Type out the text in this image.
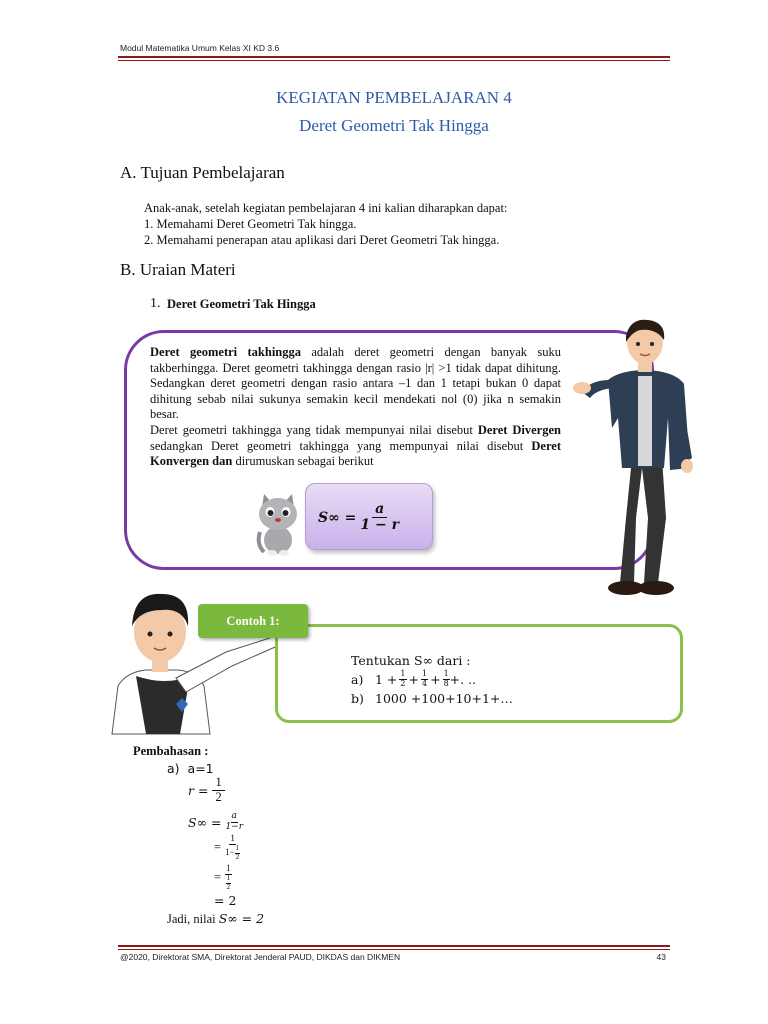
Modul Matematika Umum Kelas XI KD 3.6
KEGIATAN PEMBELAJARAN 4
Deret Geometri Tak Hingga
A. Tujuan Pembelajaran
Anak-anak, setelah kegiatan pembelajaran 4 ini kalian diharapkan dapat:
1. Memahami Deret Geometri Tak hingga.
2. Memahami penerapan atau aplikasi dari Deret Geometri Tak hingga.
B. Uraian Materi
1. Deret Geometri Tak Hingga
Deret geometri takhingga adalah deret geometri dengan banyak suku takberhingga. Deret geometri takhingga dengan rasio |r| >1 tidak dapat dihitung. Sedangkan deret geometri dengan rasio antara –1 dan 1 tetapi bukan 0 dapat dihitung sebab nilai sukunya semakin kecil mendekati nol (0) jika n semakin besar.
Deret geometri takhingga yang tidak mempunyai nilai disebut Deret Divergen sedangkan Deret geometri takhingga yang mempunyai nilai disebut Deret Konvergen dan dirumuskan sebagai berikut
$S\infty = \frac{a}{1 - r}$
Contoh 1:
Tentukan S∞ dari :
a) $1 + \frac{1}{2} + \frac{1}{4} + \frac{1}{8}$ +. ..
b) 1000 +100+10+1+…
Pembahasan :
a) a=1
$r = \frac{1}{2}$
$S\infty = \frac{a}{1-r}$
= $\frac{1}{1- \frac{1}{2}}$
= $\frac{1}{\frac{1}{2}}$
= 2
Jadi, nilai S∞ = 2
@2020, Direktorat SMA, Direktorat Jenderal PAUD, DIKDAS dan DIKMEN	43
